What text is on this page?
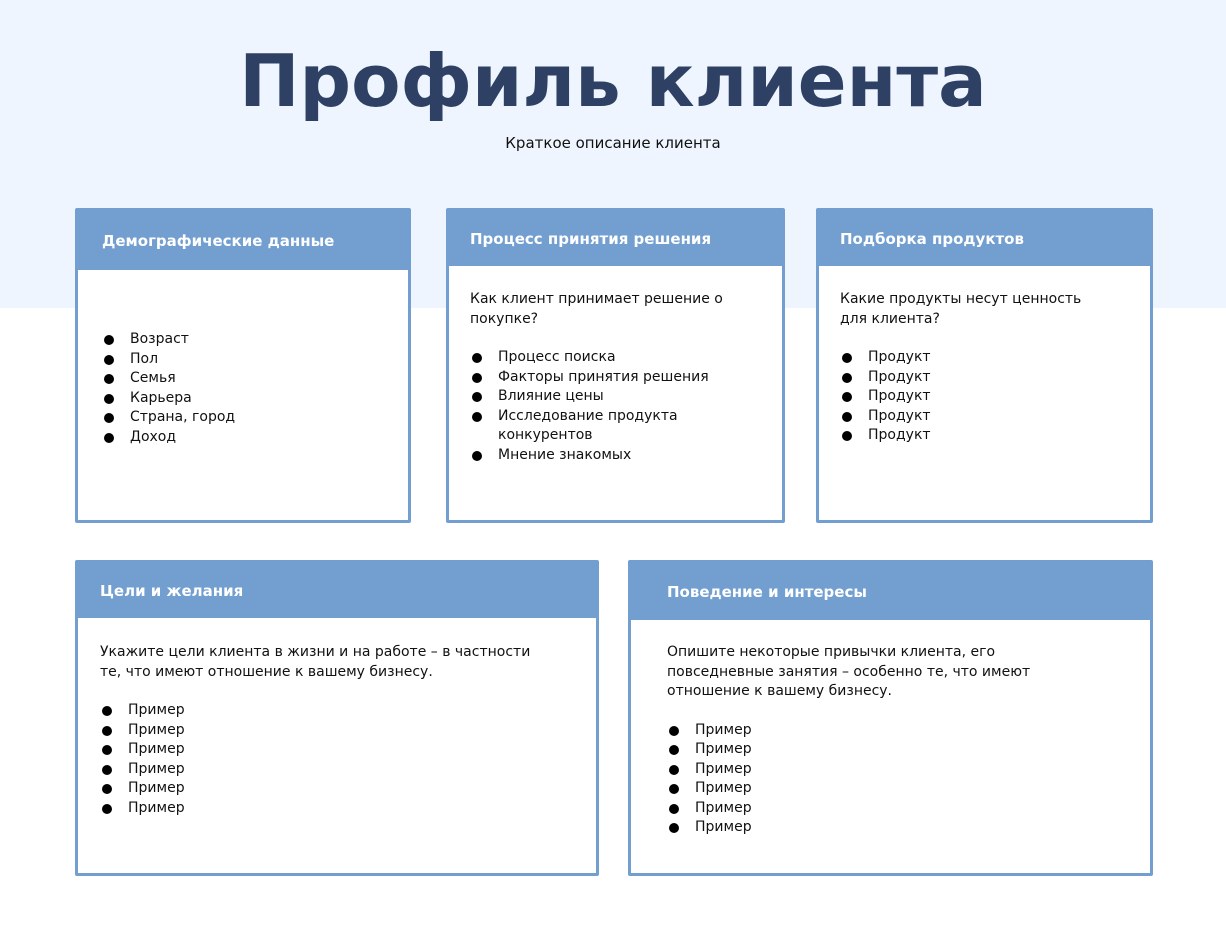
Профиль клиента

Краткое описание клиента

Демографические данные
Возраст
Пол
Семья
Карьера
Страна, город
Доход
Процесс принятия решения

Как клиент принимает решение о покупке?

Процесс поиска
Факторы принятия решения
Влияние цены
Исследование продукта конкурентов
Мнение знакомых
Подборка продуктов

Какие продукты несут ценность для клиента?

Продукт
Продукт
Продукт
Продукт
Продукт
Цели и желания

Укажите цели клиента в жизни и на работе – в частности те, что имеют отношение к вашему бизнесу.

Пример
Пример
Пример
Пример
Пример
Пример
Поведение и интересы

Опишите некоторые привычки клиента, его повседневные занятия – особенно те, что имеют отношение к вашему бизнесу.

Пример
Пример
Пример
Пример
Пример
Пример
